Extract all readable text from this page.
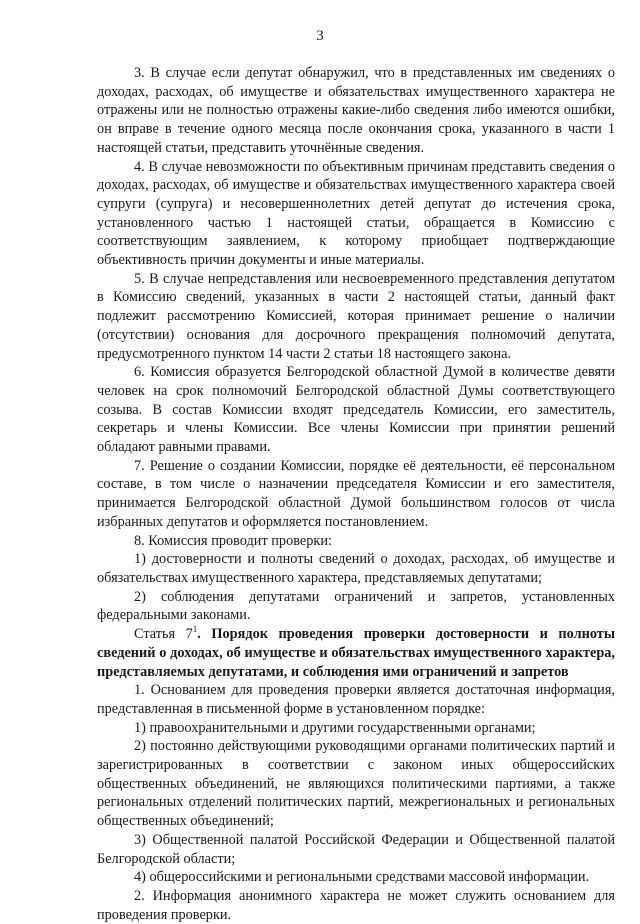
3

3. В случае если депутат обнаружил, что в представленных им сведениях о доходах, расходах, об имуществе и обязательствах имущественного характера не отражены или не полностью отражены какие-либо сведения либо имеются ошибки, он вправе в течение одного месяца после окончания срока, указанного в части 1 настоящей статьи, представить уточнённые сведения.

4. В случае невозможности по объективным причинам представить сведения о доходах, расходах, об имуществе и обязательствах имущественного характера своей супруги (супруга) и несовершеннолетних детей депутат до истечения срока, установленного частью 1 настоящей статьи, обращается в Комиссию с соответствующим заявлением, к которому приобщает подтверждающие объективность причин документы и иные материалы.

5. В случае непредставления или несвоевременного представления депутатом в Комиссию сведений, указанных в части 2 настоящей статьи, данный факт подлежит рассмотрению Комиссией, которая принимает решение о наличии (отсутствии) основания для досрочного прекращения полномочий депутата, предусмотренного пунктом 14 части 2 статьи 18 настоящего закона.

6. Комиссия образуется Белгородской областной Думой в количестве девяти человек на срок полномочий Белгородской областной Думы соответствующего созыва. В состав Комиссии входят председатель Комиссии, его заместитель, секретарь и члены Комиссии. Все члены Комиссии при принятии решений обладают равными правами.

7. Решение о создании Комиссии, порядке её деятельности, её персональном составе, в том числе о назначении председателя Комиссии и его заместителя, принимается Белгородской областной Думой большинством голосов от числа избранных депутатов и оформляется постановлением.

8. Комиссия проводит проверки:

1) достоверности и полноты сведений о доходах, расходах, об имуществе и обязательствах имущественного характера, представляемых депутатами;

2) соблюдения депутатами ограничений и запретов, установленных федеральными законами.

Статья $7^1$. Порядок проведения проверки достоверности и полноты сведений о доходах, об имуществе и обязательствах имущественного характера, представляемых депутатами, и соблюдения ими ограничений и запретов

1. Основанием для проведения проверки является достаточная информация, представленная в письменной форме в установленном порядке:

1) правоохранительными и другими государственными органами;

2) постоянно действующими руководящими органами политических партий и зарегистрированных в соответствии с законом иных общероссийских общественных объединений, не являющихся политическими партиями, а также региональных отделений политических партий, межрегиональных и региональных общественных объединений;

3) Общественной палатой Российской Федерации и Общественной палатой Белгородской области;

4) общероссийскими и региональными средствами массовой информации.

2. Информация анонимного характера не может служить основанием для проведения проверки.
